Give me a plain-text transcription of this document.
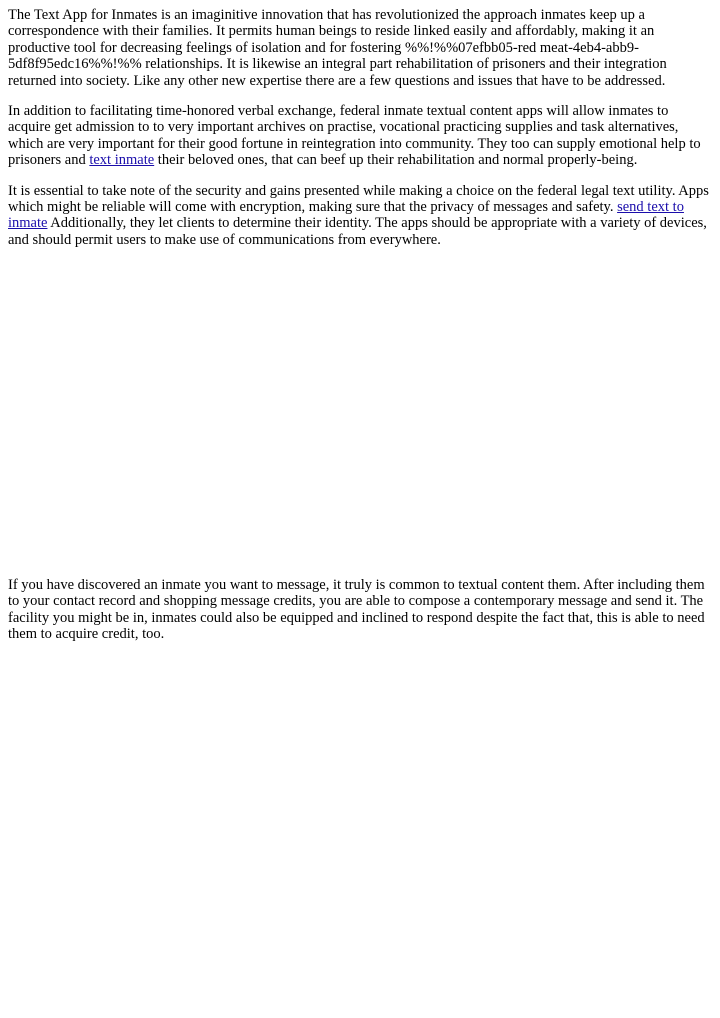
The Text App for Inmates is an imaginitive innovation that has revolutionized the approach inmates keep up a correspondence with their families. It permits human beings to reside linked easily and affordably, making it an productive tool for decreasing feelings of isolation and for fostering %%!%%07efbb05-red meat-4eb4-abb9-5df8f95edc16%%!%% relationships. It is likewise an integral part rehabilitation of prisoners and their integration returned into society. Like any other new expertise there are a few questions and issues that have to be addressed.

In addition to facilitating time-honored verbal exchange, federal inmate textual content apps will allow inmates to acquire get admission to to very important archives on practise, vocational practicing supplies and task alternatives, which are very important for their good fortune in reintegration into community. They too can supply emotional help to prisoners and text inmate their beloved ones, that can beef up their rehabilitation and normal properly-being.

It is essential to take note of the security and gains presented while making a choice on the federal legal text utility. Apps which might be reliable will come with encryption, making sure that the privacy of messages and safety. send text to inmate Additionally, they let clients to determine their identity. The apps should be appropriate with a variety of devices, and should permit users to make use of communications from everywhere.

If you have discovered an inmate you want to message, it truly is common to textual content them. After including them to your contact record and shopping message credits, you are able to compose a contemporary message and send it. The facility you might be in, inmates could also be equipped and inclined to respond despite the fact that, this is able to need them to acquire credit, too.
